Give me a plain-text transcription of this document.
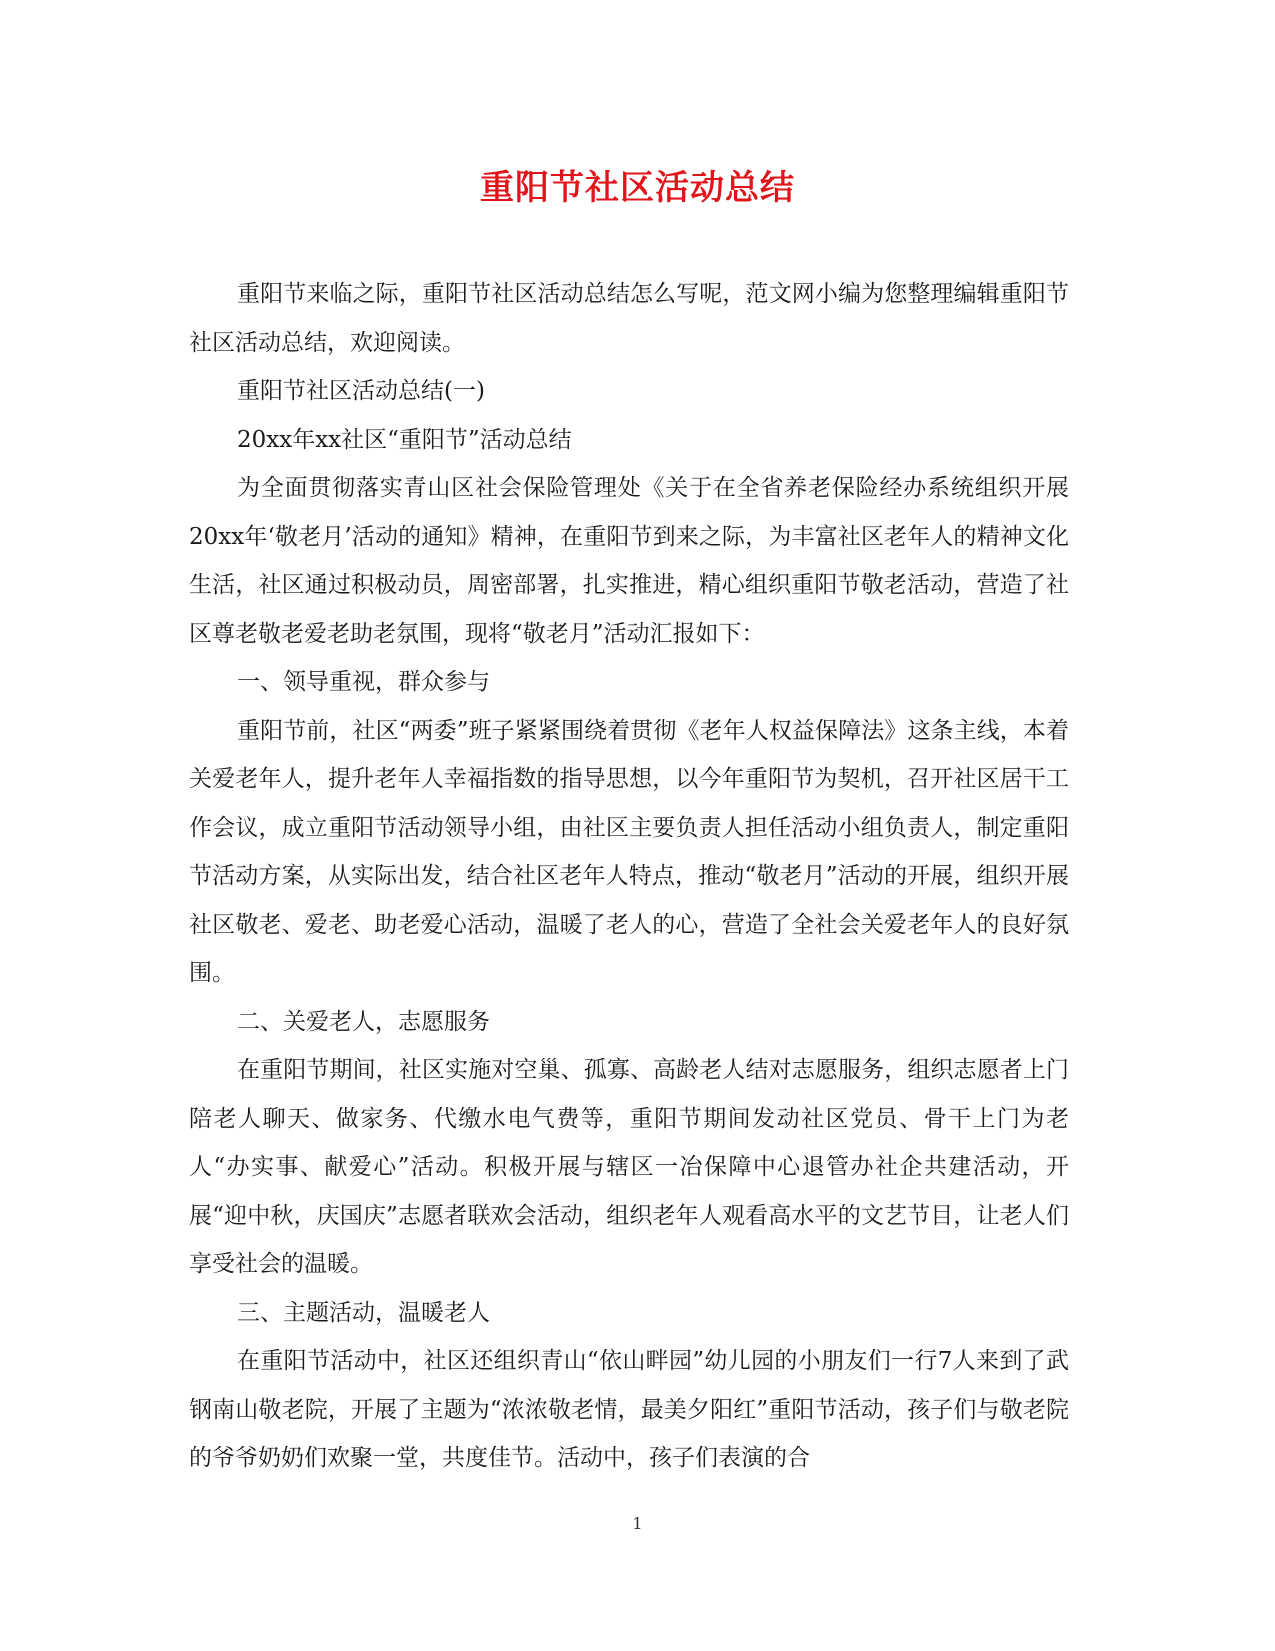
重阳节社区活动总结

重阳节来临之际，重阳节社区活动总结怎么写呢，范文网小编为您整理编辑重阳节社区活动总结，欢迎阅读。

重阳节社区活动总结(一)

20xx年xx社区“重阳节”活动总结

为全面贯彻落实青山区社会保险管理处《关于在全省养老保险经办系统组织开展20xx年‘敬老月’活动的通知》精神，在重阳节到来之际，为丰富社区老年人的精神文化生活，社区通过积极动员，周密部署，扎实推进，精心组织重阳节敬老活动，营造了社区尊老敬老爱老助老氛围，现将“敬老月”活动汇报如下：

一、领导重视，群众参与

重阳节前，社区“两委”班子紧紧围绕着贯彻《老年人权益保障法》这条主线，本着关爱老年人，提升老年人幸福指数的指导思想，以今年重阳节为契机，召开社区居干工作会议，成立重阳节活动领导小组，由社区主要负责人担任活动小组负责人，制定重阳节活动方案，从实际出发，结合社区老年人特点，推动“敬老月”活动的开展，组织开展社区敬老、爱老、助老爱心活动，温暖了老人的心，营造了全社会关爱老年人的良好氛围。

二、关爱老人，志愿服务

在重阳节期间，社区实施对空巢、孤寡、高龄老人结对志愿服务，组织志愿者上门陪老人聊天、做家务、代缴水电气费等，重阳节期间发动社区党员、骨干上门为老人“办实事、献爱心”活动。积极开展与辖区一冶保障中心退管办社企共建活动，开展“迎中秋，庆国庆”志愿者联欢会活动，组织老年人观看高水平的文艺节目，让老人们享受社会的温暖。

三、主题活动，温暖老人

在重阳节活动中，社区还组织青山“依山畔园”幼儿园的小朋友们一行7人来到了武钢南山敬老院，开展了主题为“浓浓敬老情，最美夕阳红”重阳节活动，孩子们与敬老院的爷爷奶奶们欢聚一堂，共度佳节。活动中，孩子们表演的合

1
